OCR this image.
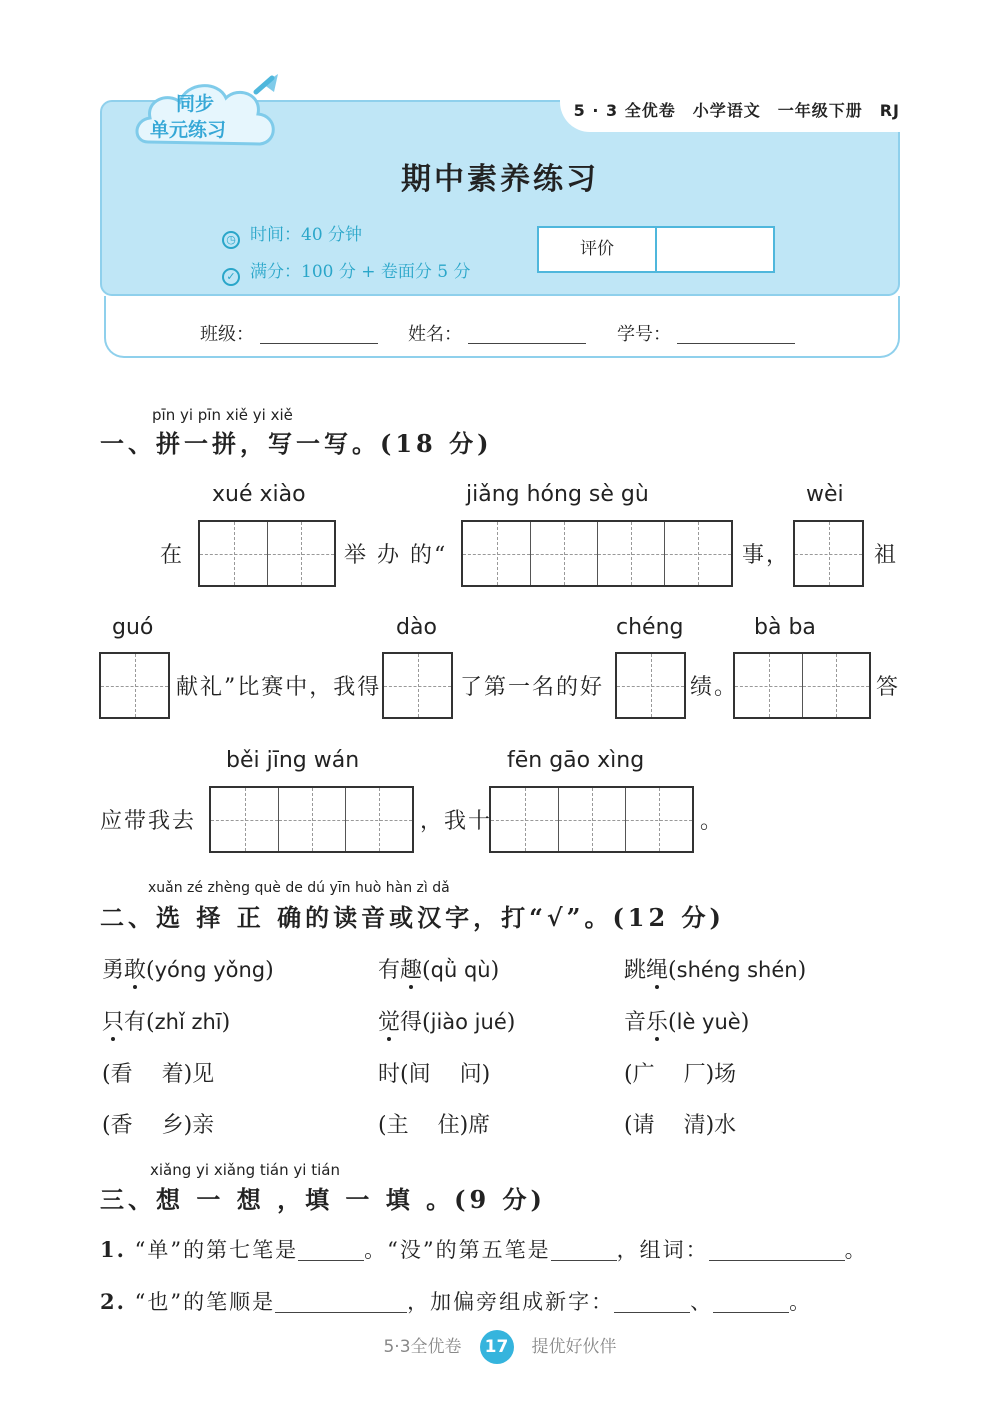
同步
单元练习
5 · 3 全优卷　小学语文　一年级下册　RJ
期中素养练习
◷ 时间：40 分钟
✓ 满分：100 分 + 卷面分 5 分
评价
班级：	姓名：	学号：
pīn yi pīn xiě yi xiě
一、拼一拼，写一写。(18 分)
xué xiào	jiǎng hóng sè gù	wèi
在	举 办 的“	事，	祖
guó	dào	chéng	bà ba
献礼”比赛中，我得	了第一名的好	绩。	答
běi jīng wán	fēn gāo xìng
应带我去	，我十	。
xuǎn zé zhèng què de dú yīn huò hàn zì dǎ
二、选 择 正 确的读音或汉字，打“√”。(12 分)
勇敢(yóng yǒng)	有趣(qǜ qù)	跳绳(shéng shén)
只有(zhǐ zhī)	觉得(jiào jué)	音乐(lè yuè)
(看　 着)见	时(间　 问)	(广　 厂)场
(香　 乡)亲	(主　 住)席	(请　 清)水
xiǎng yi xiǎng tián yi tián
三、想 一 想 ，填 一 填 。(9 分)
1. “单”的第七笔是	。“没”的第五笔是	，组词：	。
2. “也”的笔顺是	，加偏旁组成新字：	、	。
5·3全优卷 17 提优好伙伴
